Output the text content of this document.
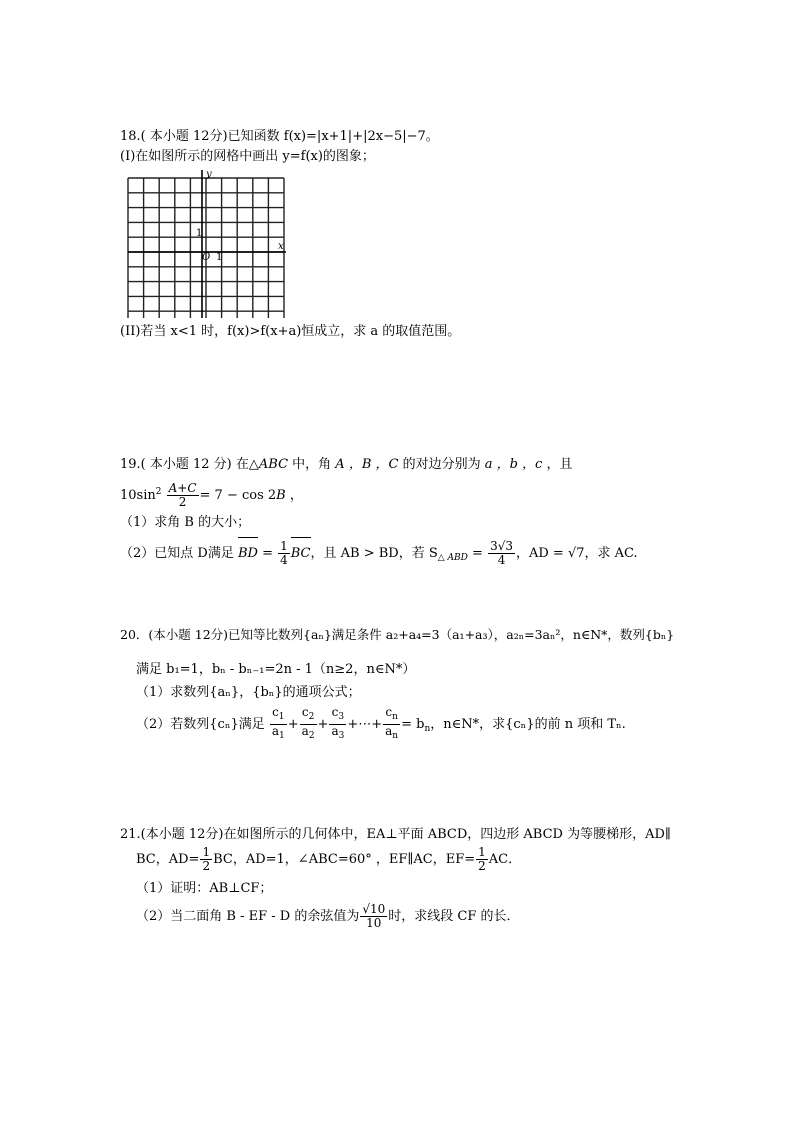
18.( 本小题 12分)已知函数 f(x)=|x+1|+|2x−5|−7。
(I)在如图所示的网格中画出 y=f(x)的图象；
y
x
O 1
1
(II)若当 x<1 时，f(x)>f(x+a)恒成立，求 a 的取值范围。
19.( 本小题 12 分) 在△ABC 中，角 A ，B ，C 的对边分别为 a ，b ，c ，且
$10\sin^2 \frac{A+C}{2} = 7 - \cos 2B$ ，
（1）求角 B 的大小；
（2）已知点 D满足 BD = $\frac{1}{4}$ BC，且 AB > BD，若 $S_{\triangle ABD} = \frac{3√3}{4}$ ，AD = √7，求 AC.
20．(本小题 12分)已知等比数列{aₙ}满足条件 a₂+a₄=3（a₁+a₃），a₂ₙ=3aₙ²，n∈N*，数列{bₙ}
满足 b₁=1，bₙ - bₙ₋₁=2n - 1（n≥2，n∈N*）
（1）求数列{aₙ}，{bₙ}的通项公式；
（2）若数列{cₙ}满足 $\frac{c_1}{a_1} + \frac{c_2}{a_2} + \frac{c_3}{a_3}$ +⋯+ $\frac{c_n}{a_n} = b_n$，n∈N*，求{cₙ}的前 n 项和 Tₙ.
21.(本小题 12分)在如图所示的几何体中，EA⊥平面 ABCD，四边形 ABCD 为等腰梯形，AD∥
BC，$AD= \frac{1}{2}$ BC，AD=1，∠ABC=60° ，EF∥AC，$EF= \frac{1}{2}$ AC．
（1）证明：AB⊥CF；
（2）当二面角 B - EF - D 的余弦值为 $\frac{√10}{10}$ 时，求线段 CF 的长．
